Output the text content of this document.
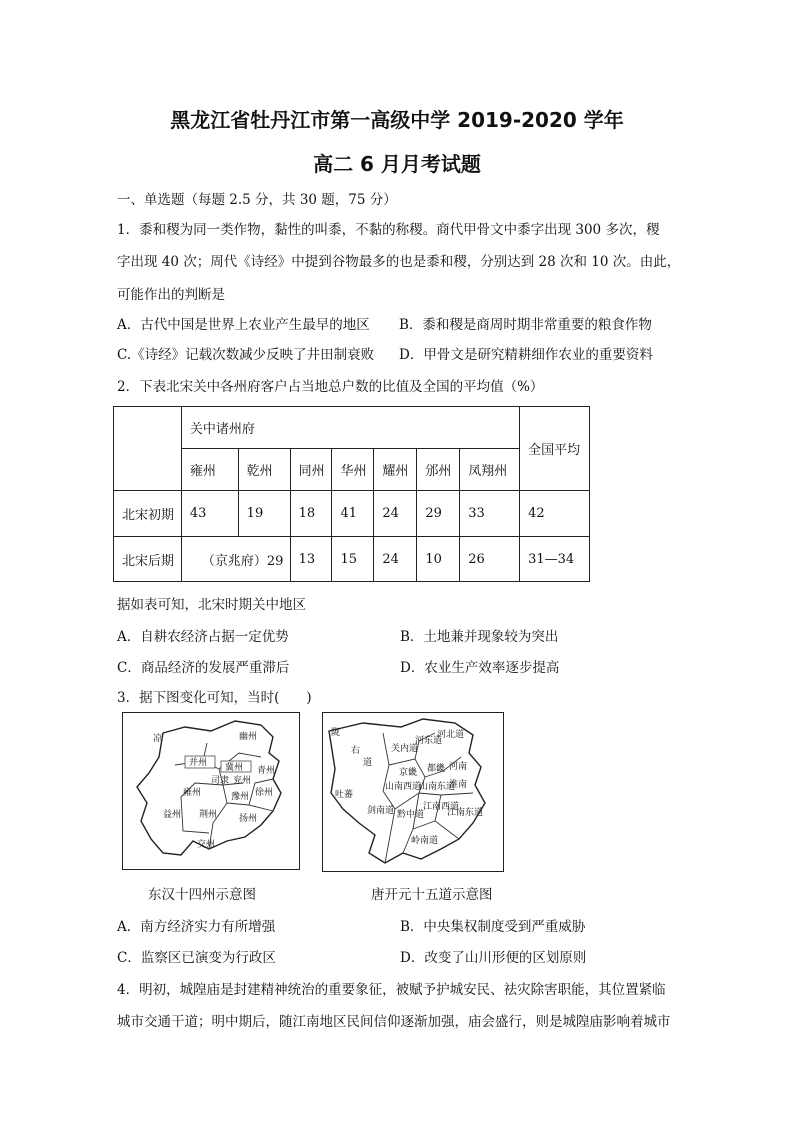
黑龙江省牡丹江市第一高级中学 2019-2020 学年
高二 6 月月考试题
一、单选题（每题 2.5 分，共 30 题，75 分）
1．黍和稷为同一类作物，黏性的叫黍，不黏的称稷。商代甲骨文中黍字出现 300 多次，稷
字出现 40 次；周代《诗经》中提到谷物最多的也是黍和稷，分别达到 28 次和 10 次。由此，
可能作出的判断是
A．古代中国是世界上农业产生最早的地区 B．黍和稷是商周时期非常重要的粮食作物
C.《诗经》记载次数减少反映了井田制衰败 D．甲骨文是研究精耕细作农业的重要资料
2．下表北宋关中各州府客户占当地总户数的比值及全国的平均值（%）
	关中诸州府							全国平均
	雍州	乾州	同州	华州	耀州	邠州	凤翔州	
北宋初期	43	19	18	41	24	29	33	42
北宋后期	（京兆府）29		13	15	24	10	26	31—34
据如表可知，北宋时期关中地区
A．自耕农经济占据一定优势	B．土地兼并现象较为突出
C．商品经济的发展严重滞后	D．农业生产效率逐步提高
3．据下图变化可知，当时(　　)
凉
并州
幽州
冀州
雍州
司隶 兖州
青州
徐州
豫州
益州 荆州 扬州
交州
陇
右
道
吐蕃
关内道
河东道
河北道
京畿 都畿 河南
山南西道
山南东道
淮南
剑南道 黔中道
江南西道
江南东道
岭南道
东汉十四州示意图	唐开元十五道示意图
A．南方经济实力有所增强	B．中央集权制度受到严重威胁
C．监察区已演变为行政区	D．改变了山川形便的区划原则
4．明初，城隍庙是封建精神统治的重要象征，被赋予护城安民、祛灾除害职能，其位置紧临
城市交通干道；明中期后，随江南地区民间信仰逐渐加强，庙会盛行，则是城隍庙影响着城市
